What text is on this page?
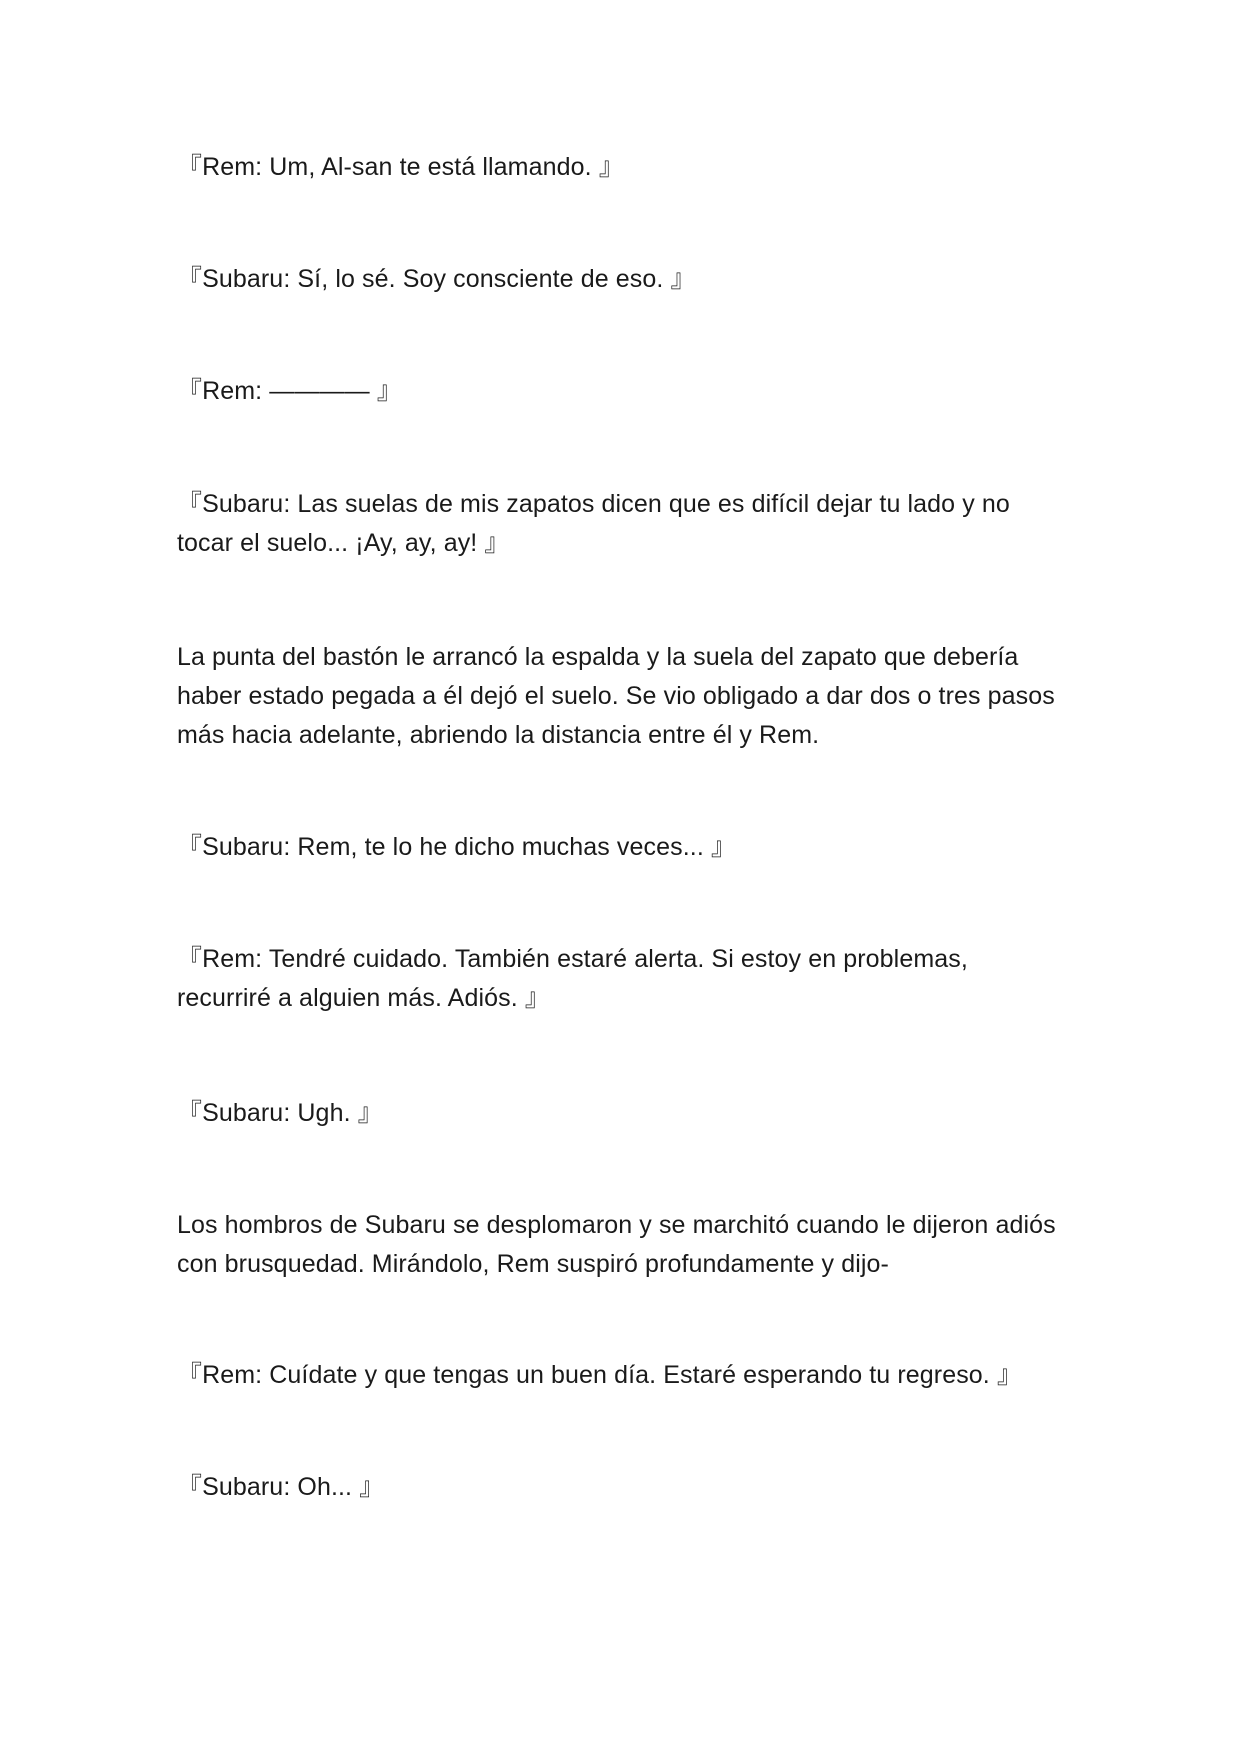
『Rem: Um, Al-san te está llamando. 』

『Subaru: Sí, lo sé. Soy consciente de eso. 』

『Rem: ———— 』

『Subaru: Las suelas de mis zapatos dicen que es difícil dejar tu lado y no tocar el suelo... ¡Ay, ay, ay! 』

La punta del bastón le arrancó la espalda y la suela del zapato que debería haber estado pegada a él dejó el suelo. Se vio obligado a dar dos o tres pasos más hacia adelante, abriendo la distancia entre él y Rem.

『Subaru: Rem, te lo he dicho muchas veces... 』

『Rem: Tendré cuidado. También estaré alerta. Si estoy en problemas, recurriré a alguien más. Adiós. 』

『Subaru: Ugh. 』

Los hombros de Subaru se desplomaron y se marchitó cuando le dijeron adiós con brusquedad. Mirándolo, Rem suspiró profundamente y dijo-

『Rem: Cuídate y que tengas un buen día. Estaré esperando tu regreso. 』

『Subaru: Oh... 』
